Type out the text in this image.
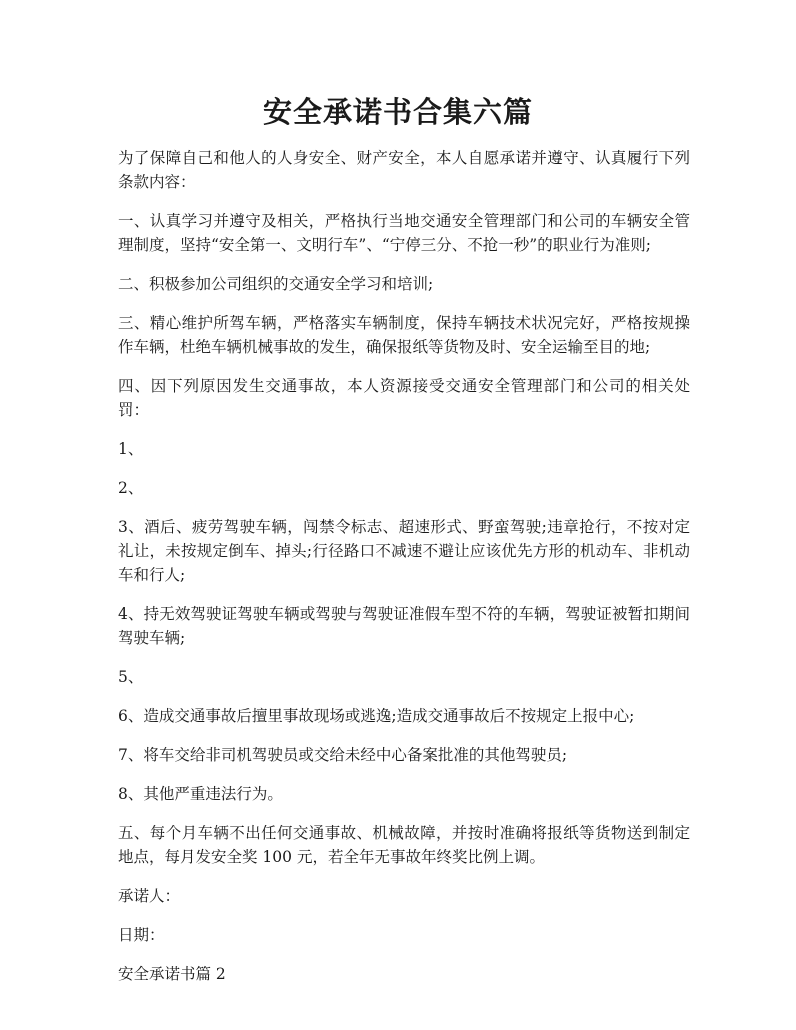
安全承诺书合集六篇

为了保障自己和他人的人身安全、财产安全，本人自愿承诺并遵守、认真履行下列条款内容：

一、认真学习并遵守及相关，严格执行当地交通安全管理部门和公司的车辆安全管理制度，坚持“安全第一、文明行车”、“宁停三分、不抢一秒”的职业行为准则;

二、积极参加公司组织的交通安全学习和培训;

三、精心维护所驾车辆，严格落实车辆制度，保持车辆技术状况完好，严格按规操作车辆，杜绝车辆机械事故的发生，确保报纸等货物及时、安全运输至目的地;

四、因下列原因发生交通事故，本人资源接受交通安全管理部门和公司的相关处罚：

1、

2、

3、酒后、疲劳驾驶车辆，闯禁令标志、超速形式、野蛮驾驶;违章抢行，不按对定礼让，未按规定倒车、掉头;行径路口不减速不避让应该优先方形的机动车、非机动车和行人;

4、持无效驾驶证驾驶车辆或驾驶与驾驶证准假车型不符的车辆，驾驶证被暂扣期间驾驶车辆;

5、

6、造成交通事故后擅里事故现场或逃逸;造成交通事故后不按规定上报中心;

7、将车交给非司机驾驶员或交给未经中心备案批准的其他驾驶员;

8、其他严重违法行为。

五、每个月车辆不出任何交通事故、机械故障，并按时准确将报纸等货物送到制定地点，每月发安全奖 100 元，若全年无事故年终奖比例上调。

承诺人：

日期：

安全承诺书篇 2
